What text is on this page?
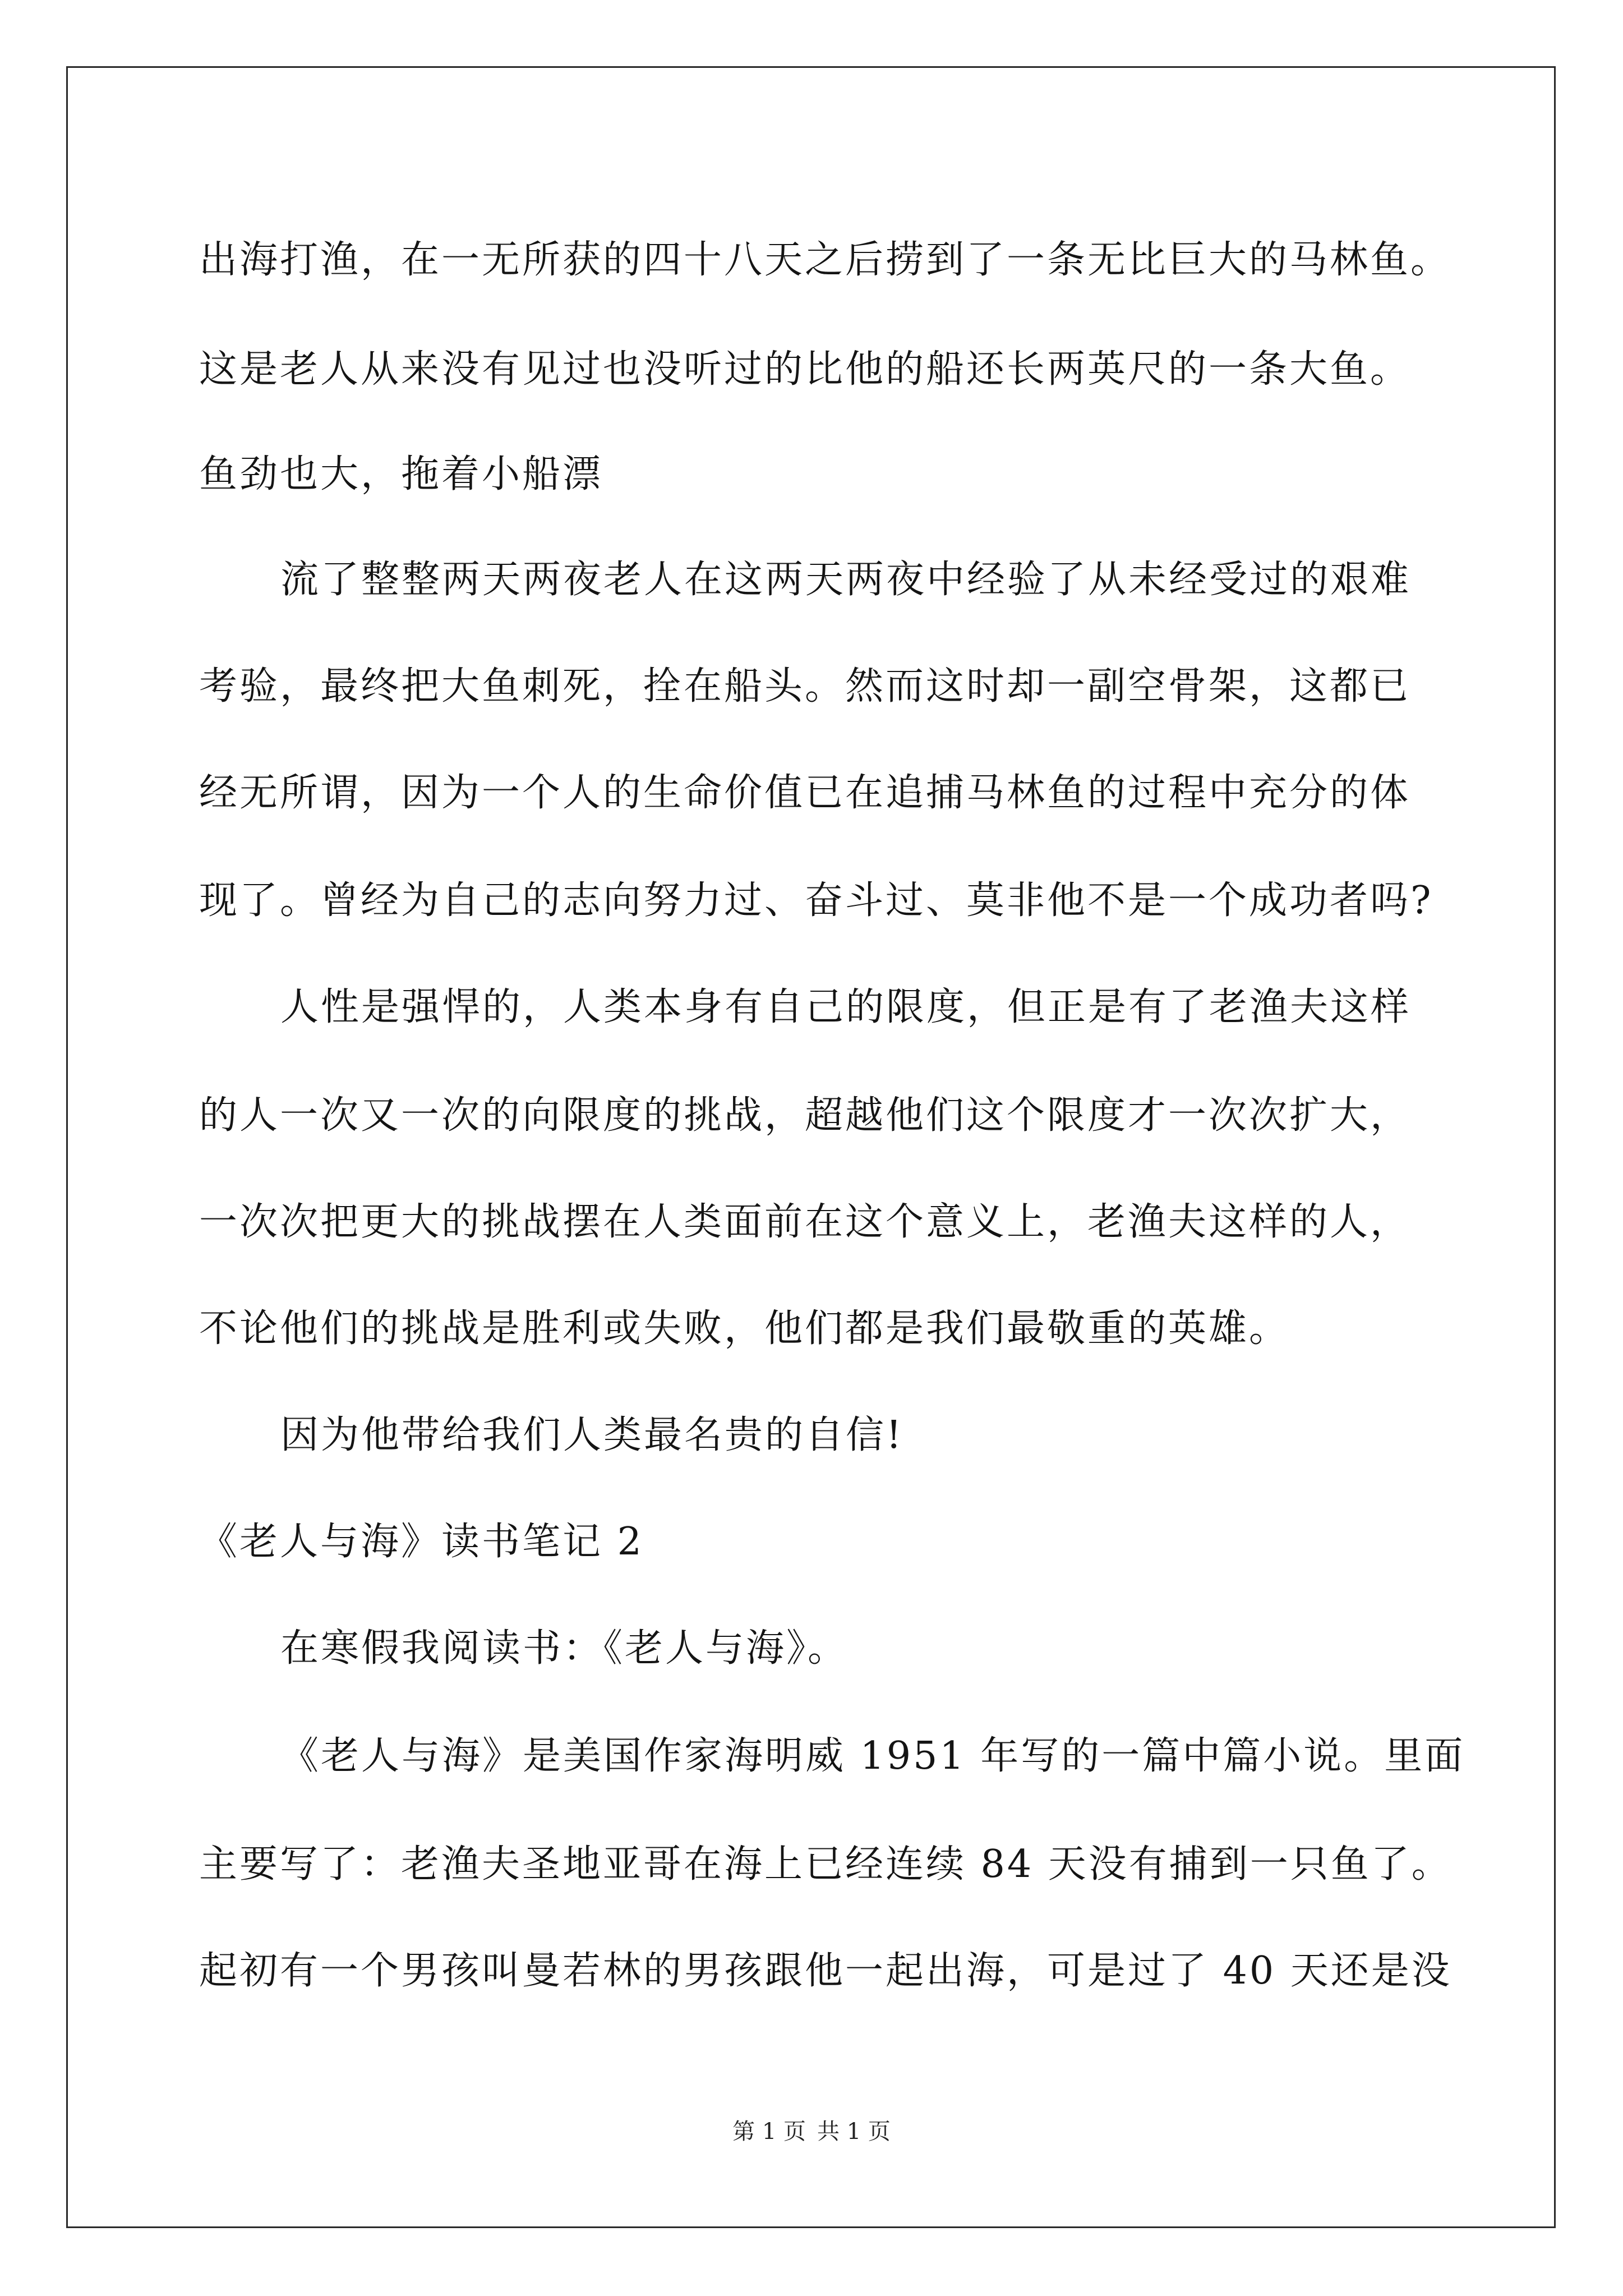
出海打渔，在一无所获的四十八天之后捞到了一条无比巨大的马林鱼。
这是老人从来没有见过也没听过的比他的船还长两英尺的一条大鱼。
鱼劲也大，拖着小船漂
流了整整两天两夜老人在这两天两夜中经验了从未经受过的艰难
考验，最终把大鱼刺死，拴在船头。然而这时却一副空骨架，这都已
经无所谓，因为一个人的生命价值已在追捕马林鱼的过程中充分的体
现了。曾经为自己的志向努力过、奋斗过、莫非他不是一个成功者吗?
人性是强悍的，人类本身有自己的限度，但正是有了老渔夫这样
的人一次又一次的向限度的挑战，超越他们这个限度才一次次扩大，
一次次把更大的挑战摆在人类面前在这个意义上，老渔夫这样的人，
不论他们的挑战是胜利或失败，他们都是我们最敬重的英雄。
因为他带给我们人类最名贵的自信!
《老人与海》读书笔记 2
在寒假我阅读书：《老人与海》。
《老人与海》是美国作家海明威 1951 年写的一篇中篇小说。里面
主要写了：老渔夫圣地亚哥在海上已经连续 84 天没有捕到一只鱼了。
起初有一个男孩叫曼若林的男孩跟他一起出海，可是过了 40 天还是没
第 1 页 共 1 页
